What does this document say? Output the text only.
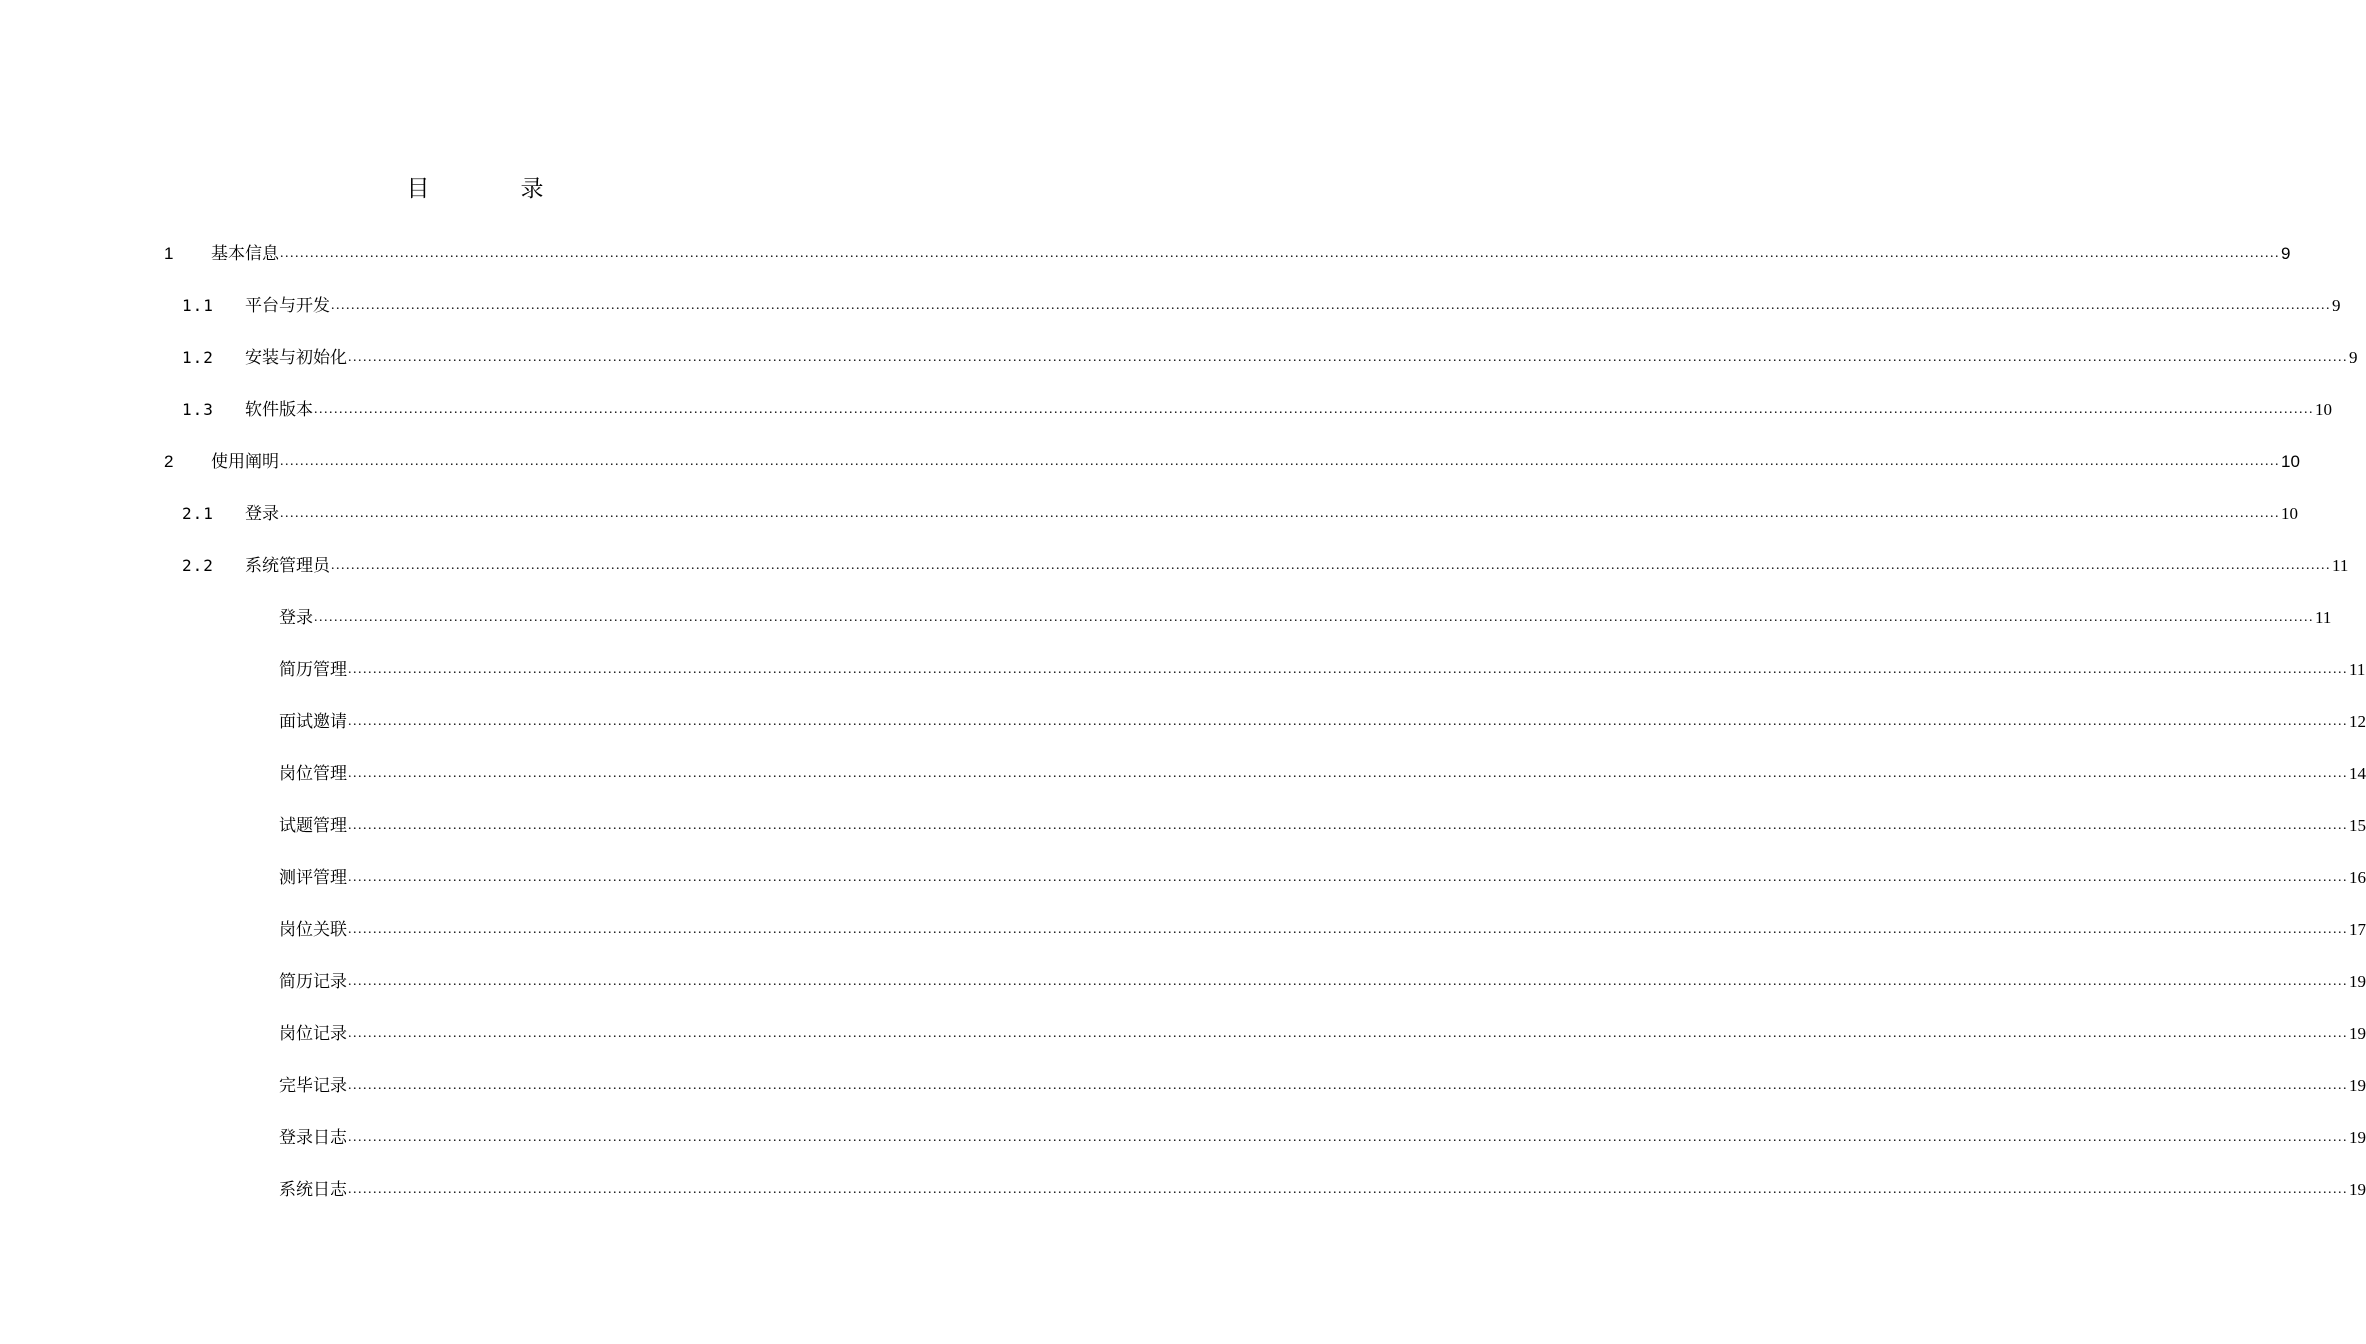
目　录
1	基本信息 ................................................................................................................................................................................................................................................................................................................................................................................................................ 9
1.1	平台与开发 ................................................................................................................................................................................................................................................................................................................................................................................................................ 9
1.2	安装与初始化 ................................................................................................................................................................................................................................................................................................................................................................................................................ 9
1.3	软件版本 ................................................................................................................................................................................................................................................................................................................................................................................................................ 10
2	使用阐明 ................................................................................................................................................................................................................................................................................................................................................................................................................ 10
2.1	登录 ................................................................................................................................................................................................................................................................................................................................................................................................................ 10
2.2	系统管理员 ................................................................................................................................................................................................................................................................................................................................................................................................................ 11
登录 ................................................................................................................................................................................................................................................................................................................................................................................................................ 11
简历管理 ................................................................................................................................................................................................................................................................................................................................................................................................................ 11
面试邀请 ................................................................................................................................................................................................................................................................................................................................................................................................................ 12
岗位管理 ................................................................................................................................................................................................................................................................................................................................................................................................................ 14
试题管理 ................................................................................................................................................................................................................................................................................................................................................................................................................ 15
测评管理 ................................................................................................................................................................................................................................................................................................................................................................................................................ 16
岗位关联 ................................................................................................................................................................................................................................................................................................................................................................................................................ 17
简历记录 ................................................................................................................................................................................................................................................................................................................................................................................................................ 19
岗位记录 ................................................................................................................................................................................................................................................................................................................................................................................................................ 19
完毕记录 ................................................................................................................................................................................................................................................................................................................................................................................................................ 19
登录日志 ................................................................................................................................................................................................................................................................................................................................................................................................................ 19
系统日志 ................................................................................................................................................................................................................................................................................................................................................................................................................ 19
